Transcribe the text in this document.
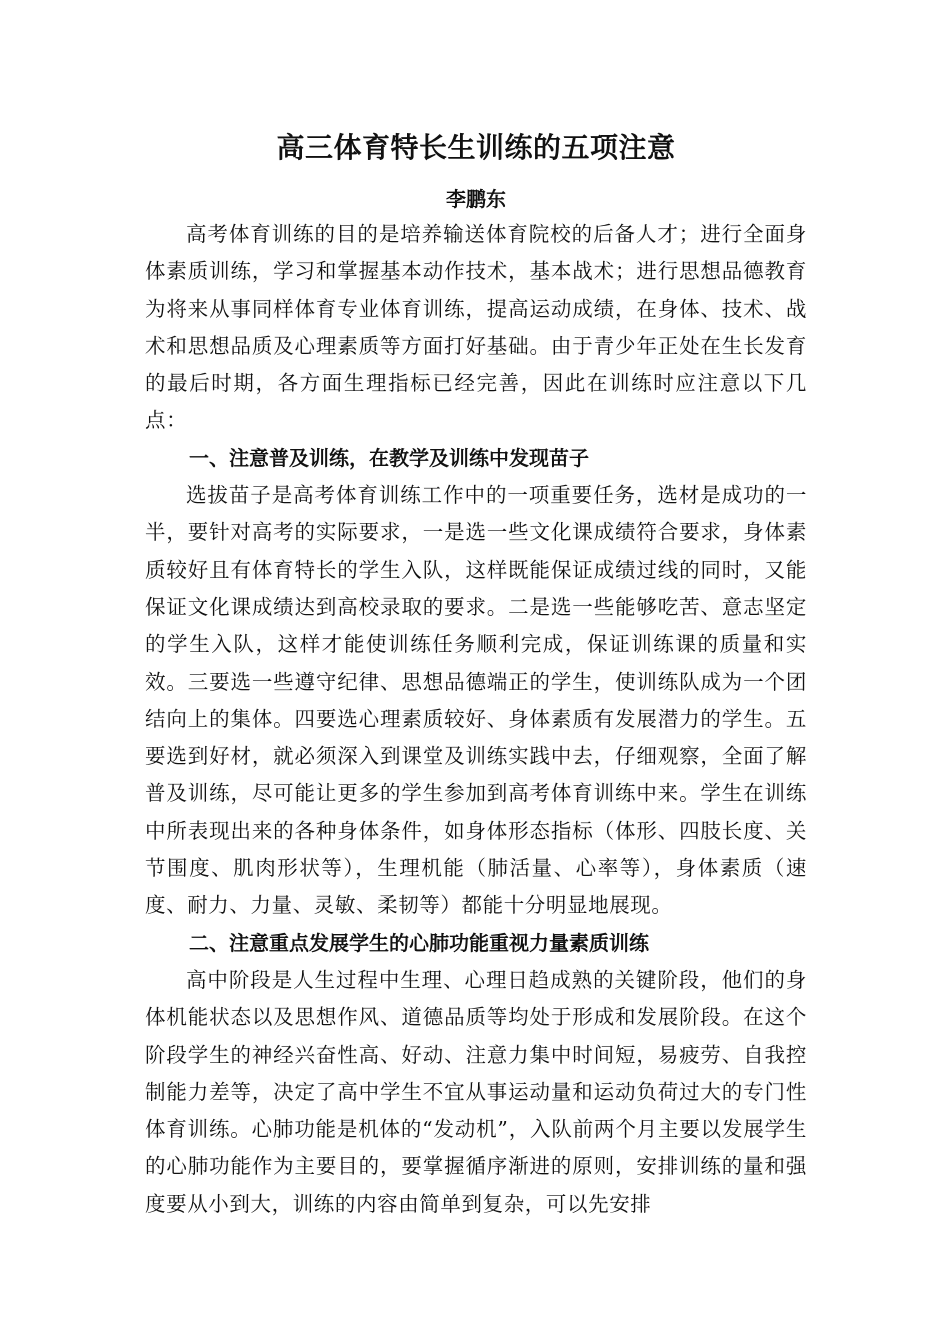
高三体育特长生训练的五项注意
李鹏东

高考体育训练的目的是培养输送体育院校的后备人才；进行全面身体素质训练，学习和掌握基本动作技术，基本战术；进行思想品德教育为将来从事同样体育专业体育训练，提高运动成绩，在身体、技术、战术和思想品质及心理素质等方面打好基础。由于青少年正处在生长发育的最后时期，各方面生理指标已经完善，因此在训练时应注意以下几点：

一、注意普及训练，在教学及训练中发现苗子

选拔苗子是高考体育训练工作中的一项重要任务，选材是成功的一半，要针对高考的实际要求，一是选一些文化课成绩符合要求，身体素质较好且有体育特长的学生入队，这样既能保证成绩过线的同时，又能保证文化课成绩达到高校录取的要求。二是选一些能够吃苦、意志坚定的学生入队，这样才能使训练任务顺利完成，保证训练课的质量和实效。三要选一些遵守纪律、思想品德端正的学生，使训练队成为一个团结向上的集体。四要选心理素质较好、身体素质有发展潜力的学生。五要选到好材，就必须深入到课堂及训练实践中去，仔细观察，全面了解普及训练，尽可能让更多的学生参加到高考体育训练中来。学生在训练中所表现出来的各种身体条件，如身体形态指标（体形、四肢长度、关节围度、肌肉形状等），生理机能（肺活量、心率等），身体素质（速度、耐力、力量、灵敏、柔韧等）都能十分明显地展现。

二、注意重点发展学生的心肺功能重视力量素质训练

高中阶段是人生过程中生理、心理日趋成熟的关键阶段，他们的身体机能状态以及思想作风、道德品质等均处于形成和发展阶段。在这个阶段学生的神经兴奋性高、好动、注意力集中时间短，易疲劳、自我控制能力差等，决定了高中学生不宜从事运动量和运动负荷过大的专门性体育训练。心肺功能是机体的“发动机”，入队前两个月主要以发展学生的心肺功能作为主要目的，要掌握循序渐进的原则，安排训练的量和强度要从小到大，训练的内容由简单到复杂，可以先安排
